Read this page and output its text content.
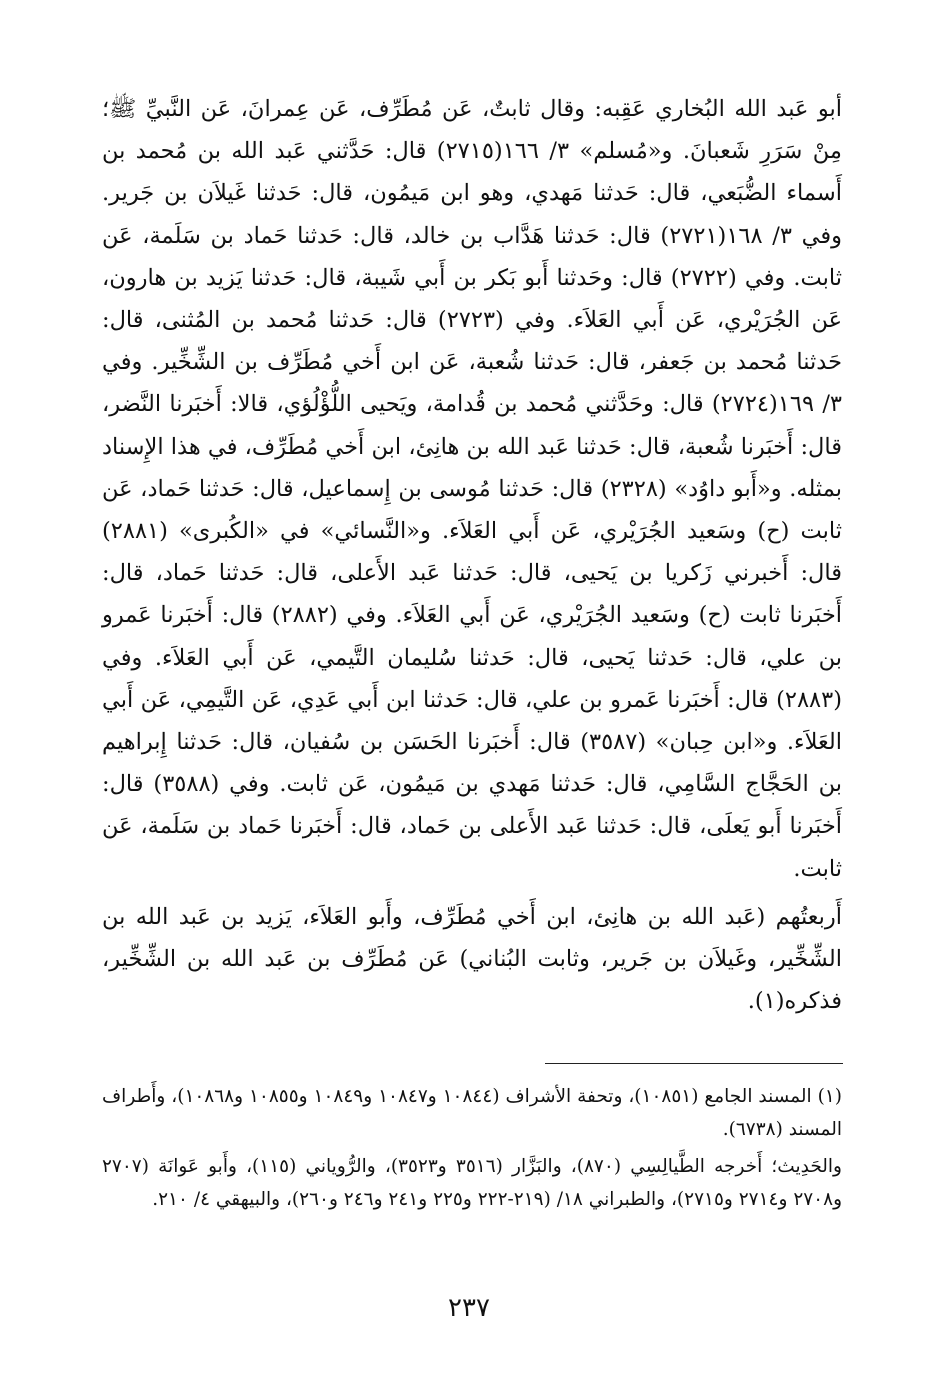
أبو عَبد الله البُخاري عَقِبه: وقال ثابتٌ، عَن مُطَرِّف، عَن عِمرانَ، عَن النَّبيِّ ﷺ؛ مِنْ سَرَرِ شَعبانَ. و«مُسلم» ٣/ ١٦٦(٢٧١٥) قال: حَدَّثني عَبد الله بن مُحمد بن أَسماء الضُّبَعي، قال: حَدثنا مَهدي، وهو ابن مَيمُون، قال: حَدثنا غَيلاَن بن جَرير. وفي ٣/ ١٦٨(٢٧٢١) قال: حَدثنا هَدَّاب بن خالد، قال: حَدثنا حَماد بن سَلَمة، عَن ثابت. وفي (٢٧٢٢) قال: وحَدثنا أَبو بَكر بن أَبي شَيبة، قال: حَدثنا يَزيد بن هارون، عَن الجُرَيْري، عَن أَبي العَلاَء. وفي (٢٧٢٣) قال: حَدثنا مُحمد بن المُثنى، قال: حَدثنا مُحمد بن جَعفر، قال: حَدثنا شُعبة، عَن ابن أَخي مُطَرِّف بن الشِّخِّير. وفي ٣/ ١٦٩(٢٧٢٤) قال: وحَدَّثني مُحمد بن قُدامة، ويَحيى اللُّؤْلُؤي، قالا: أَخبَرنا النَّضر، قال: أَخبَرنا شُعبة، قال: حَدثنا عَبد الله بن هانِئ، ابن أَخي مُطَرِّف، في هذا الإِسناد بمثله. و«أَبو داوُد» (٢٣٢٨) قال: حَدثنا مُوسى بن إِسماعيل، قال: حَدثنا حَماد، عَن ثابت (ح) وسَعيد الجُرَيْري، عَن أَبي العَلاَء. و«النَّسائي» في «الكُبرى» (٢٨٨١) قال: أَخبرني زَكريا بن يَحيى، قال: حَدثنا عَبد الأَعلى، قال: حَدثنا حَماد، قال: أَخبَرنا ثابت (ح) وسَعيد الجُرَيْري، عَن أَبي العَلاَء. وفي (٢٨٨٢) قال: أَخبَرنا عَمرو بن علي، قال: حَدثنا يَحيى، قال: حَدثنا سُليمان التَّيمي، عَن أَبي العَلاَء. وفي (٢٨٨٣) قال: أَخبَرنا عَمرو بن علي، قال: حَدثنا ابن أَبي عَدِي، عَن التَّيمِي، عَن أَبي العَلاَء. و«ابن حِبان» (٣٥٨٧) قال: أَخبَرنا الحَسَن بن سُفيان، قال: حَدثنا إِبراهيم بن الحَجَّاج السَّامِي، قال: حَدثنا مَهدي بن مَيمُون، عَن ثابت. وفي (٣٥٨٨) قال: أَخبَرنا أَبو يَعلَى، قال: حَدثنا عَبد الأَعلى بن حَماد، قال: أَخبَرنا حَماد بن سَلَمة، عَن ثابت.

أَربعتُهم (عَبد الله بن هانِئ، ابن أَخي مُطَرِّف، وأَبو العَلاَء، يَزيد بن عَبد الله بن الشِّخِّير، وغَيلاَن بن جَرير، وثابت البُناني) عَن مُطَرِّف بن عَبد الله بن الشِّخِّير، فذكره(١).

(١) المسند الجامع (١٠٨٥١)، وتحفة الأشراف (١٠٨٤٤ و١٠٨٤٧ و١٠٨٤٩ و١٠٨٥٥ و١٠٨٦٨)، وأَطراف المسند (٦٧٣٨).

والحَدِيث؛ أَخرجه الطَّيالِسِي (٨٧٠)، والبَزَّار (٣٥١٦ و٣٥٢٣)، والرُّوياني (١١٥)، وأَبو عَوانَة (٢٧٠٧ و٢٧٠٨ و٢٧١٤ و٢٧١٥)، والطبراني ١٨/ (٢١٩-٢٢٢ و٢٢٥ و٢٤١ و٢٤٦ و٢٦٠)، والبيهقي ٤/ ٢١٠.

٢٣٧
